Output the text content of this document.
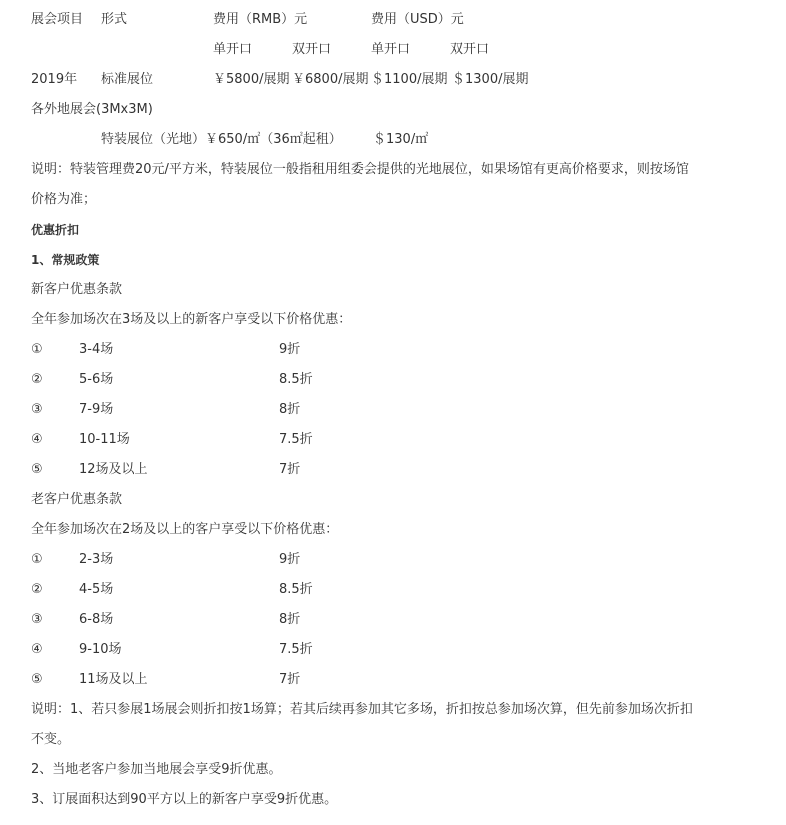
展会项目 形式	费用（RMB）元	费用（USD）元
单开口	双开口	单开口	双开口
2019年 标准展位	￥5800/展期 ￥6800/展期 ＄1100/展期 ＄1300/展期
各外地展会(3Mx3M)
特装展位（光地）￥650/㎡（36㎡起租） ＄130/㎡
说明：特装管理费20元/平方米，特装展位一般指租用组委会提供的光地展位，如果场馆有更高价格要求，则按场馆
价格为准；
优惠折扣
1、常规政策
新客户优惠条款
全年参加场次在3场及以上的新客户享受以下价格优惠：
①	3-4场	9折
②	5-6场	8.5折
③	7-9场	8折
④	10-11场	7.5折
⑤	12场及以上	7折
老客户优惠条款
全年参加场次在2场及以上的客户享受以下价格优惠：
①	2-3场	9折
②	4-5场	8.5折
③	6-8场	8折
④	9-10场	7.5折
⑤	11场及以上	7折
说明：1、若只参展1场展会则折扣按1场算；若其后续再参加其它多场，折扣按总参加场次算，但先前参加场次折扣
不变。
2、当地老客户参加当地展会享受9折优惠。
3、订展面积达到90平方以上的新客户享受9折优惠。
